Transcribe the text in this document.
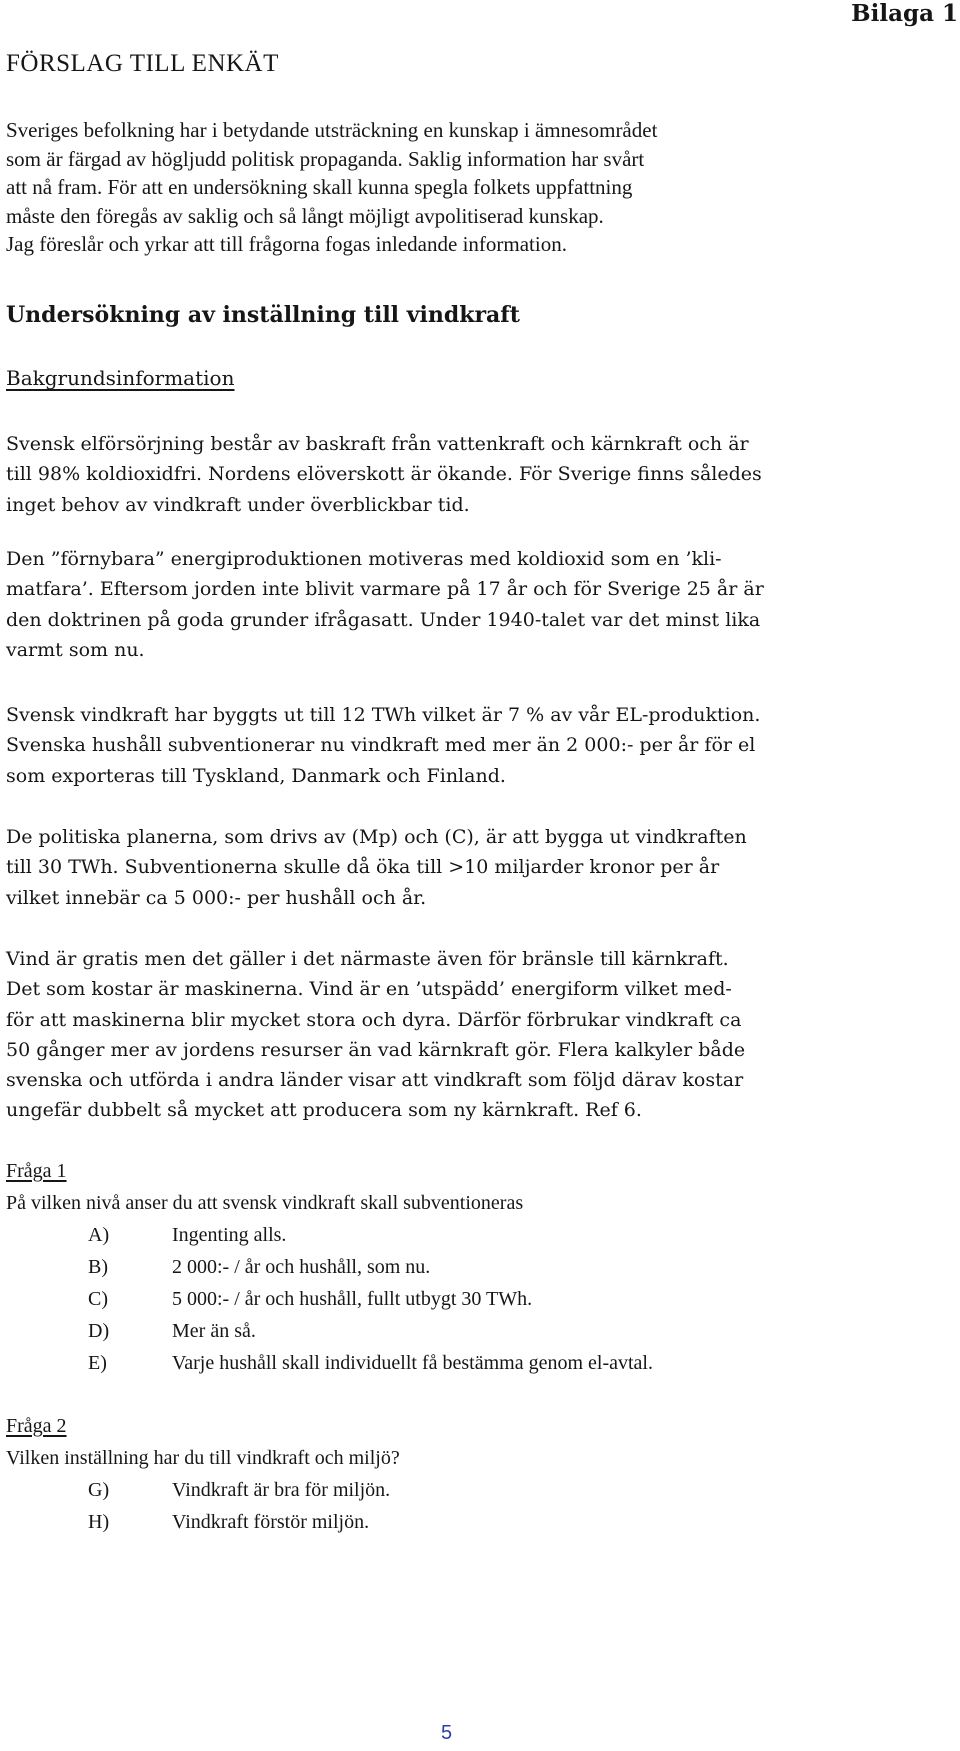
Bilaga 1
FÖRSLAG TILL ENKÄT
Sveriges befolkning har i betydande utsträckning en kunskap i ämnesområdet
som är färgad av högljudd politisk propaganda. Saklig information har svårt
att nå fram. För att en undersökning skall kunna spegla folkets uppfattning
måste den föregås av saklig och så långt möjligt avpolitiserad kunskap.
Jag föreslår och yrkar att till frågorna fogas inledande information.
Undersökning av inställning till vindkraft
Bakgrundsinformation
Svensk elförsörjning består av baskraft från vattenkraft och kärnkraft och är
till 98% koldioxidfri. Nordens elöverskott är ökande. För Sverige finns således
inget behov av vindkraft under överblickbar tid.
Den ”förnybara” energiproduktionen motiveras med koldioxid som en ’kli-
matfara’. Eftersom jorden inte blivit varmare på 17 år och för Sverige 25 år är
den doktrinen på goda grunder ifrågasatt. Under 1940-talet var det minst lika
varmt som nu.
Svensk vindkraft har byggts ut till 12 TWh vilket är 7 % av vår EL-produktion.
Svenska hushåll subventionerar nu vindkraft med mer än 2 000:- per år för el
som exporteras till Tyskland, Danmark och Finland.
De politiska planerna, som drivs av (Mp) och (C), är att bygga ut vindkraften
till 30 TWh. Subventionerna skulle då öka till >10 miljarder kronor per år
vilket innebär ca 5 000:- per hushåll och år.
Vind är gratis men det gäller i det närmaste även för bränsle till kärnkraft.
Det som kostar är maskinerna. Vind är en ’utspädd’ energiform vilket med-
för att maskinerna blir mycket stora och dyra. Därför förbrukar vindkraft ca
50 gånger mer av jordens resurser än vad kärnkraft gör. Flera kalkyler både
svenska och utförda i andra länder visar att vindkraft som följd därav kostar
ungefär dubbelt så mycket att producera som ny kärnkraft. Ref 6.
Fråga 1
På vilken nivå anser du att svensk vindkraft skall subventioneras
A)	Ingenting alls.
B)	2 000:- / år och hushåll, som nu.
C)	5 000:- / år och hushåll, fullt utbygt 30 TWh.
D)	Mer än så.
E)	Varje hushåll skall individuellt få bestämma genom el-avtal.
Fråga 2
Vilken inställning har du till vindkraft och miljö?
G)	Vindkraft är bra för miljön.
H)	Vindkraft förstör miljön.
5
